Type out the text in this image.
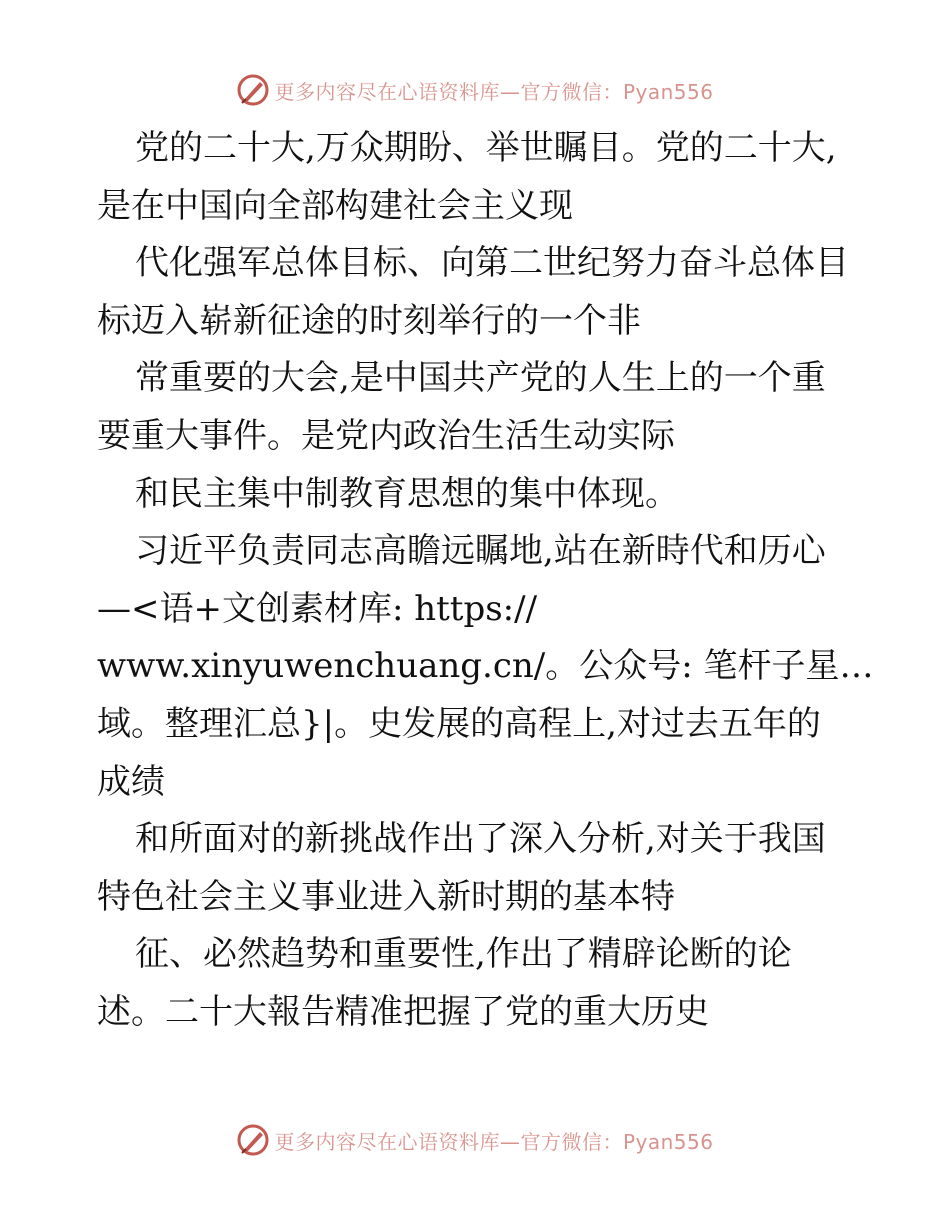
更多内容尽在心语资料库—官方微信：Pyan556

党的二十大,万众期盼、举世瞩目。党的二十大,

是在中国向全部构建社会主义现

代化强军总体目标、向第二世纪努力奋斗总体目

标迈入崭新征途的时刻举行的一个非

常重要的大会,是中国共产党的人生上的一个重

要重大事件。是党内政治生活生动实际

和民主集中制教育思想的集中体现。

习近平负责同志高瞻远瞩地,站在新時代和历心

—<语+文创素材库: https://

www.xinyuwenchuang.cn/。公众号: 笔杆子星…

域。整理汇总}|。史发展的高程上,对过去五年的

成绩

和所面对的新挑战作出了深入分析,对关于我国

特色社会主义事业进入新时期的基本特

征、必然趋势和重要性,作出了精辟论断的论

述。二十大報告精准把握了党的重大历史

更多内容尽在心语资料库—官方微信：Pyan556
